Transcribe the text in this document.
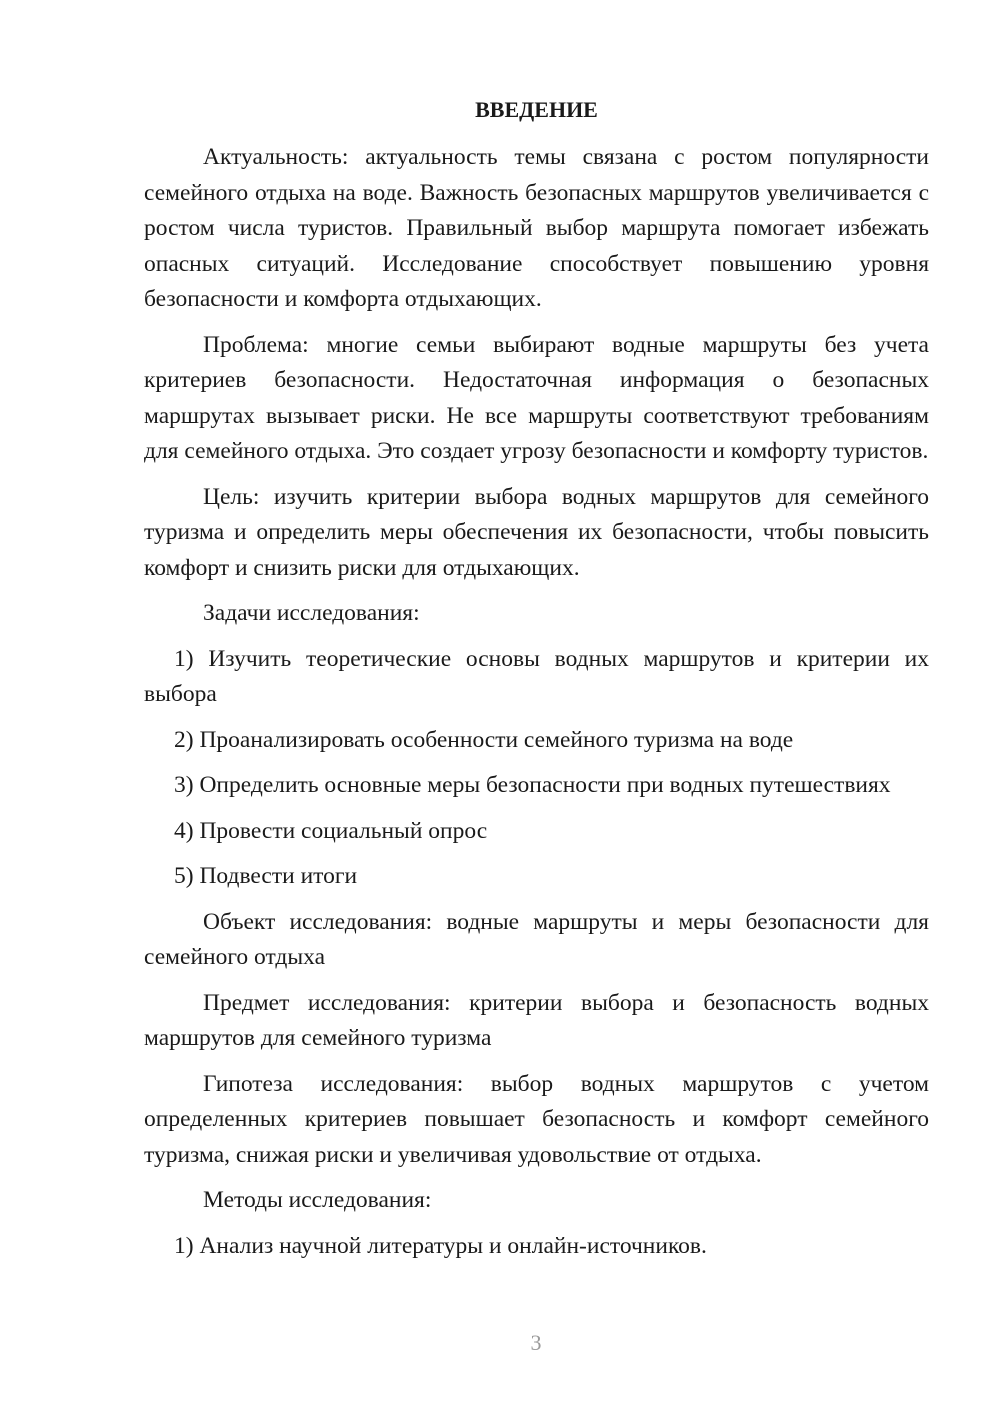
ВВЕДЕНИЕ

Актуальность: актуальность темы связана с ростом популярности семейного отдыха на воде. Важность безопасных маршрутов увеличивается с ростом числа туристов. Правильный выбор маршрута помогает избежать опасных ситуаций. Исследование способствует повышению уровня безопасности и комфорта отдыхающих.

Проблема: многие семьи выбирают водные маршруты без учета критериев безопасности. Недостаточная информация о безопасных маршрутах вызывает риски. Не все маршруты соответствуют требованиям для семейного отдыха. Это создает угрозу безопасности и комфорту туристов.

Цель: изучить критерии выбора водных маршрутов для семейного туризма и определить меры обеспечения их безопасности, чтобы повысить комфорт и снизить риски для отдыхающих.

Задачи исследования:

1) Изучить теоретические основы водных маршрутов и критерии их выбора

2) Проанализировать особенности семейного туризма на воде

3) Определить основные меры безопасности при водных путешествиях

4) Провести социальный опрос

5) Подвести итоги

Объект исследования: водные маршруты и меры безопасности для семейного отдыха

Предмет исследования: критерии выбора и безопасность водных маршрутов для семейного туризма

Гипотеза исследования: выбор водных маршрутов с учетом определенных критериев повышает безопасность и комфорт семейного туризма, снижая риски и увеличивая удовольствие от отдыха.

Методы исследования:

1) Анализ научной литературы и онлайн-источников.

3
